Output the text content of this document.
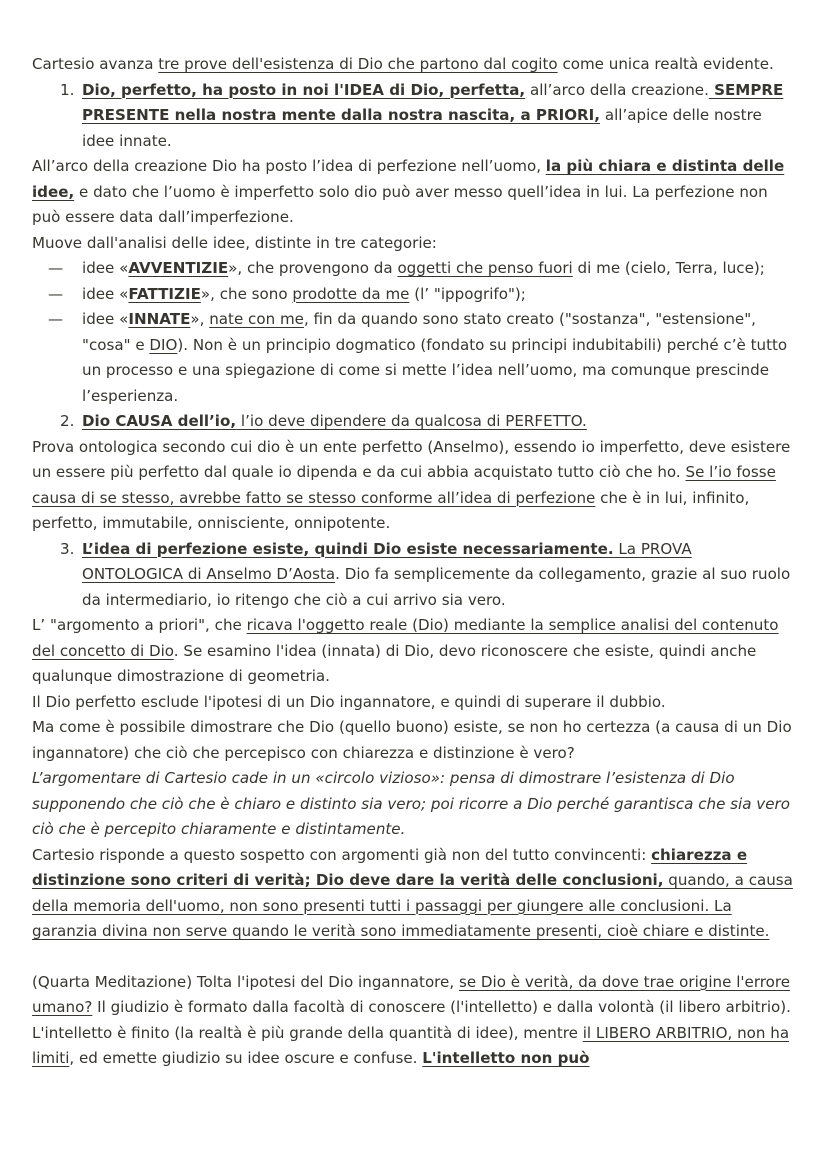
Cartesio avanza tre prove dell'esistenza di Dio che partono dal cogito come unica realtà evidente.

1. Dio, perfetto, ha posto in noi l'IDEA di Dio, perfetta, all’arco della creazione. SEMPRE PRESENTE nella nostra mente dalla nostra nascita, a PRIORI, all’apice delle nostre idee innate.

All’arco della creazione Dio ha posto l’idea di perfezione nell’uomo, la più chiara e distinta delle idee, e dato che l’uomo è imperfetto solo dio può aver messo quell’idea in lui. La perfezione non può essere data dall’imperfezione.

Muove dall'analisi delle idee, distinte in tre categorie:

—	idee «AVVENTIZIE», che provengono da oggetti che penso fuori di me (cielo, Terra, luce);
—	idee «FATTIZIE», che sono prodotte da me (l’ "ippogrifo");
—	idee «INNATE», nate con me, fin da quando sono stato creato ("sostanza", "estensione", "cosa" e DIO). Non è un principio dogmatico (fondato su principi indubitabili) perché c’è tutto un processo e una spiegazione di come si mette l’idea nell’uomo, ma comunque prescinde l’esperienza.
2. Dio CAUSA dell’io, l’io deve dipendere da qualcosa di PERFETTO.

Prova ontologica secondo cui dio è un ente perfetto (Anselmo), essendo io imperfetto, deve esistere un essere più perfetto dal quale io dipenda e da cui abbia acquistato tutto ciò che ho. Se l’io fosse causa di se stesso, avrebbe fatto se stesso conforme all’idea di perfezione che è in lui, infinito, perfetto, immutabile, onnisciente, onnipotente.

3. L’idea di perfezione esiste, quindi Dio esiste necessariamente. La PROVA ONTOLOGICA di Anselmo D’Aosta. Dio fa semplicemente da collegamento, grazie al suo ruolo da intermediario, io ritengo che ciò a cui arrivo sia vero.

L’ "argomento a priori", che ricava l'oggetto reale (Dio) mediante la semplice analisi del contenuto del concetto di Dio. Se esamino l'idea (innata) di Dio, devo riconoscere che esiste, quindi anche qualunque dimostrazione di geometria.

Il Dio perfetto esclude l'ipotesi di un Dio ingannatore, e quindi di superare il dubbio.

Ma come è possibile dimostrare che Dio (quello buono) esiste, se non ho certezza (a causa di un Dio ingannatore) che ciò che percepisco con chiarezza e distinzione è vero?

L’argomentare di Cartesio cade in un «circolo vizioso»: pensa di dimostrare l’esistenza di Dio supponendo che ciò che è chiaro e distinto sia vero; poi ricorre a Dio perché garantisca che sia vero ciò che è percepito chiaramente e distintamente.

Cartesio risponde a questo sospetto con argomenti già non del tutto convincenti: chiarezza e distinzione sono criteri di verità; Dio deve dare la verità delle conclusioni, quando, a causa della memoria dell'uomo, non sono presenti tutti i passaggi per giungere alle conclusioni. La garanzia divina non serve quando le verità sono immediatamente presenti, cioè chiare e distinte.

(Quarta Meditazione) Tolta l'ipotesi del Dio ingannatore, se Dio è verità, da dove trae origine l'errore umano? Il giudizio è formato dalla facoltà di conoscere (l'intelletto) e dalla volontà (il libero arbitrio). L'intelletto è finito (la realtà è più grande della quantità di idee), mentre il LIBERO ARBITRIO, non ha limiti, ed emette giudizio su idee oscure e confuse. L'intelletto non può
